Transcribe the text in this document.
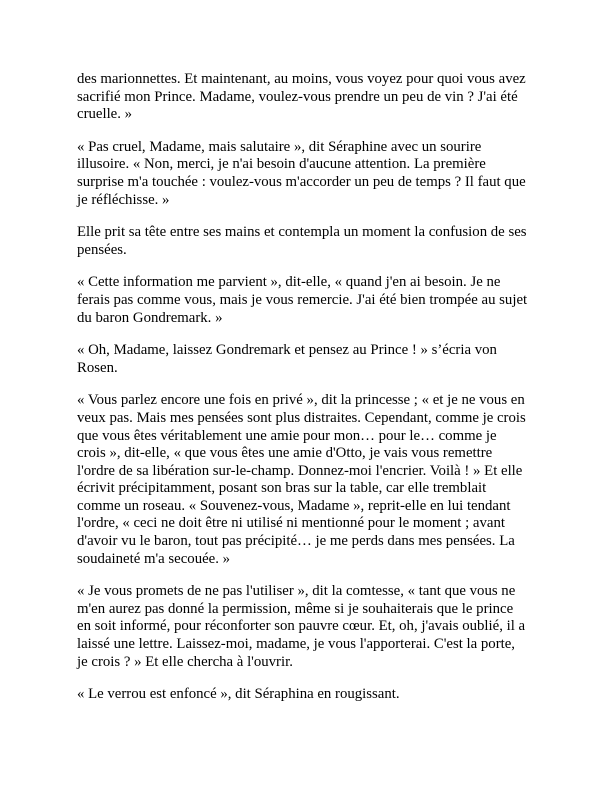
des marionnettes. Et maintenant, au moins, vous voyez pour quoi vous avez
sacrifié mon Prince. Madame, voulez-vous prendre un peu de vin ? J'ai été
cruelle. »

« Pas cruel, Madame, mais salutaire », dit Séraphine avec un sourire
illusoire. « Non, merci, je n'ai besoin d'aucune attention. La première
surprise m'a touchée : voulez-vous m'accorder un peu de temps ? Il faut que
je réfléchisse. »

Elle prit sa tête entre ses mains et contempla un moment la confusion de ses
pensées.

« Cette information me parvient », dit-elle, « quand j'en ai besoin. Je ne
ferais pas comme vous, mais je vous remercie. J'ai été bien trompée au sujet
du baron Gondremark. »

« Oh, Madame, laissez Gondremark et pensez au Prince ! » s’écria von
Rosen.

« Vous parlez encore une fois en privé », dit la princesse ; « et je ne vous en
veux pas. Mais mes pensées sont plus distraites. Cependant, comme je crois
que vous êtes véritablement une amie pour mon… pour le… comme je
crois », dit-elle, « que vous êtes une amie d'Otto, je vais vous remettre
l'ordre de sa libération sur-le-champ. Donnez-moi l'encrier. Voilà ! » Et elle
écrivit précipitamment, posant son bras sur la table, car elle tremblait
comme un roseau. « Souvenez-vous, Madame », reprit-elle en lui tendant
l'ordre, « ceci ne doit être ni utilisé ni mentionné pour le moment ; avant
d'avoir vu le baron, tout pas précipité… je me perds dans mes pensées. La
soudaineté m'a secouée. »

« Je vous promets de ne pas l'utiliser », dit la comtesse, « tant que vous ne
m'en aurez pas donné la permission, même si je souhaiterais que le prince
en soit informé, pour réconforter son pauvre cœur. Et, oh, j'avais oublié, il a
laissé une lettre. Laissez-moi, madame, je vous l'apporterai. C'est la porte,
je crois ? » Et elle chercha à l'ouvrir.

« Le verrou est enfoncé », dit Séraphina en rougissant.
